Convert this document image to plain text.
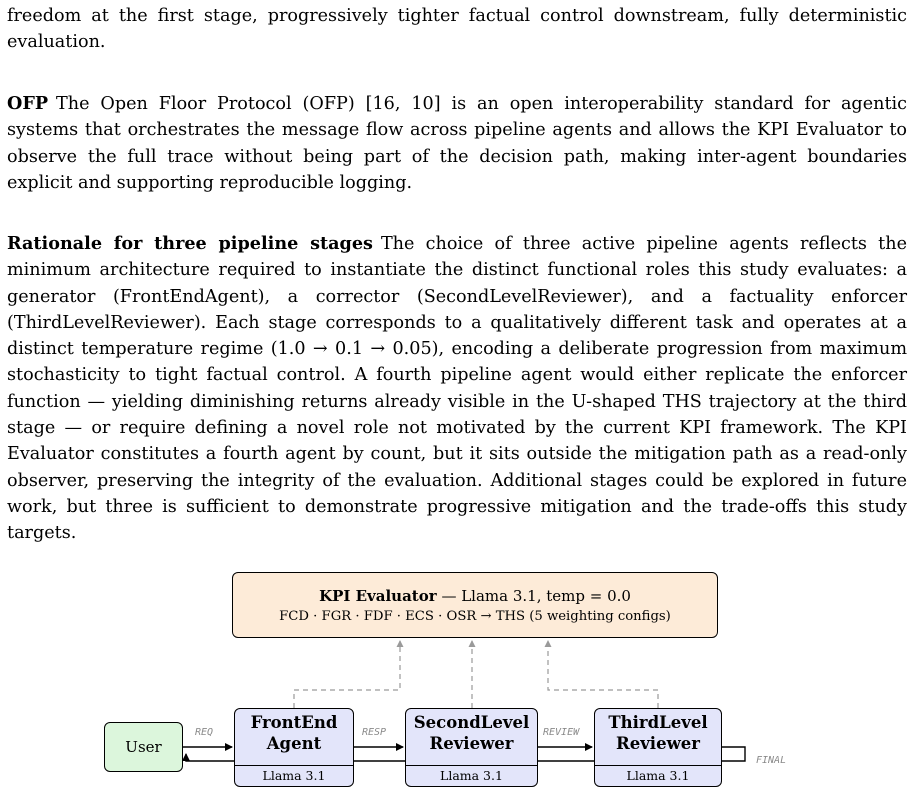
freedom at the first stage, progressively tighter factual control downstream, fully deterministic evaluation.

OFP The Open Floor Protocol (OFP) [16, 10] is an open interoperability standard for agentic systems that orchestrates the message flow across pipeline agents and allows the KPI Evaluator to observe the full trace without being part of the decision path, making inter-agent boundaries explicit and supporting reproducible logging.

Rationale for three pipeline stages The choice of three active pipeline agents reflects the minimum architecture required to instantiate the distinct functional roles this study evaluates: a generator (FrontEndAgent), a corrector (SecondLevelReviewer), and a factuality enforcer (ThirdLevelReviewer). Each stage corresponds to a qualitatively different task and operates at a distinct temperature regime (1.0 → 0.1 → 0.05), encoding a deliberate progression from maximum stochasticity to tight factual control. A fourth pipeline agent would either replicate the enforcer function — yielding diminishing returns already visible in the U-shaped THS trajectory at the third stage — or require defining a novel role not motivated by the current KPI framework. The KPI Evaluator constitutes a fourth agent by count, but it sits outside the mitigation path as a read-only observer, preserving the integrity of the evaluation. Additional stages could be explored in future work, but three is sufficient to demonstrate progressive mitigation and the trade-offs this study targets.

KPI Evaluator — Llama 3.1, temp = 0.0
FCD · FGR · FDF · ECS · OSR → THS (5 weighting configs)
User
FrontEnd
Agent
Llama 3.1
SecondLevel
Reviewer
Llama 3.1
ThirdLevel
Reviewer
Llama 3.1
REQ	RESP	REVIEW
FINAL
